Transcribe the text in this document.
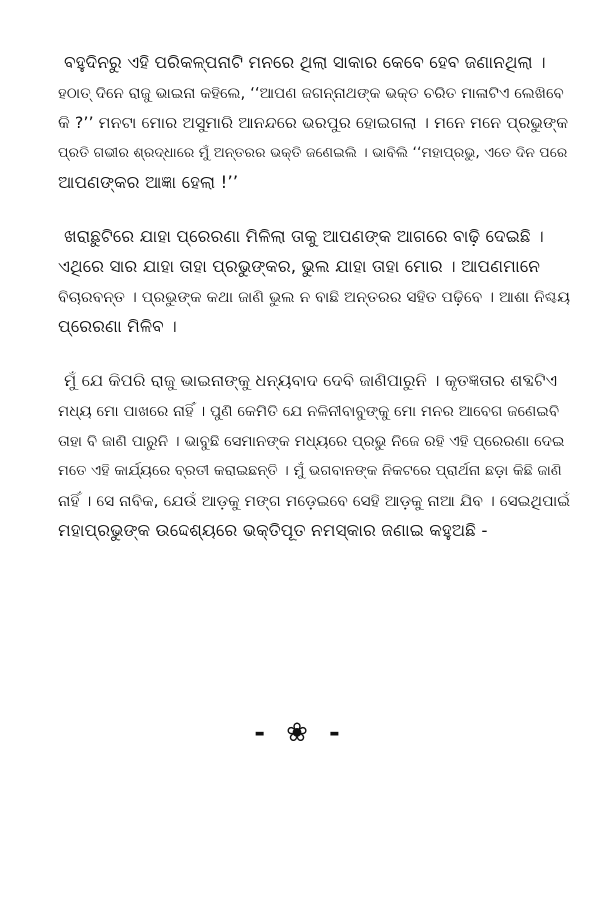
ବହୁଦିନରୁ ଏହି ପରିକଳ୍ପନାଟି ମନରେ ଥିଲା ସାକାର କେବେ ହେବ ଜଣାନଥିଲା ।
ହଠାତ୍ ଦିନେ ରାଜୁ ଭାଇନା କହିଲେ, ‘‘ଆପଣ ଜଗନ୍ନାଥଙ୍କ ଭକ୍ତ ଚରିତ ମାଳାଟିଏ ଲେଖିବେ
କି ?’’ ମନଟା ମୋର ଅସୁମାରି ଆନନ୍ଦରେ ଭରପୁର ହୋଇଗଲା । ମନେ ମନେ ପ୍ରଭୁଙ୍କ
ପ୍ରତି ଗଭୀର ଶ୍ରଦ୍ଧାରେ ମୁଁ ଅନ୍ତରର ଭକ୍ତି ଜଣେଇଲି । ଭାବିଲି ‘‘ମହାପ୍ରଭୁ, ଏତେ ଦିନ ପରେ
ଆପଣଙ୍କର ଆଜ୍ଞା ହେଲା !’’

ଖରାଛୁଟିରେ ଯାହା ପ୍ରେରଣା ମିଳିଲା ତାକୁ ଆପଣଙ୍କ ଆଗରେ ବାଢ଼ି ଦେଇଛି ।
ଏଥିରେ ସାର ଯାହା ତାହା ପ୍ରଭୁଙ୍କର, ଭୁଲ ଯାହା ତାହା ମୋର । ଆପଣମାନେ
ବିଚାରବନ୍ତ । ପ୍ରଭୁଙ୍କ କଥା ଜାଣି ଭୁଲ ନ ବାଛି ଅନ୍ତରର ସହିତ ପଢ଼ିବେ । ଆଶା ନିଶ୍ଚୟ
ପ୍ରେରଣା ମିଳିବ ।

ମୁଁ ଯେ କିପରି ରାଜୁ ଭାଇନାଙ୍କୁ ଧନ୍ୟବାଦ ଦେବି ଜାଣିପାରୁନି । କୃତଜ୍ଞତାର ଶବ୍ଦଟିଏ
ମଧ୍ୟ ମୋ ପାଖରେ ନାହିଁ । ପୁଣି କେମିତି ଯେ ନଳିନୀବାବୁଙ୍କୁ ମୋ ମନର ଆବେଗ ଜଣେଇବି
ତାହା ବି ଜାଣି ପାରୁନି । ଭାବୁଛି ସେମାନଙ୍କ ମଧ୍ୟରେ ପ୍ରଭୁ ନିଜେ ରହି ଏହି ପ୍ରେରଣା ଦେଇ
ମତେ ଏହି କାର୍ଯ୍ୟରେ ବ୍ରତୀ କରାଇଛନ୍ତି । ମୁଁ ଭଗବାନଙ୍କ ନିକଟରେ ପ୍ରାର୍ଥନା ଛଡ଼ା କିଛି ଜାଣି
ନାହିଁ । ସେ ନାବିକ, ଯେଉଁ ଆଡ଼କୁ ମଙ୍ଗ ମଡ଼େଇବେ ସେହି ଆଡ଼କୁ ନାଆ ଯିବ । ସେଇଥିପାଇଁ
ମହାପ୍ରଭୁଙ୍କ ଉଦ୍ଦେଶ୍ୟରେ ଭକ୍ତିପୂତ ନମସ୍କାର ଜଣାଇ କହୁଅଛି -

- ❀ -
